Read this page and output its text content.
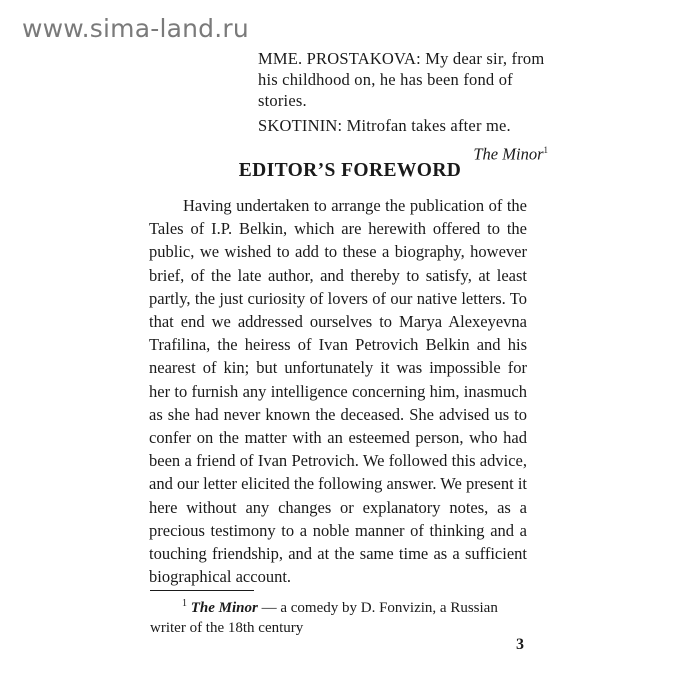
www.sima-land.ru

MME. PROSTAKOVA: My dear sir, from his childhood on, he has been fond of stories.

SKOTININ: Mitrofan takes after me.

The Minor$^1$

EDITOR’S FOREWORD

Having undertaken to arrange the publication of the Tales of I.P. Belkin, which are herewith offered to the public, we wished to add to these a biography, however brief, of the late author, and thereby to satisfy, at least partly, the just curiosity of lovers of our native letters. To that end we addressed ourselves to Marya Alexeyevna Trafilina, the heiress of Ivan Petrovich Belkin and his nearest of kin; but unfortunately it was impossible for her to furnish any intelligence concerning him, inasmuch as she had never known the deceased. She advised us to confer on the matter with an esteemed person, who had been a friend of Ivan Petrovich. We followed this advice, and our letter elicited the following answer. We present it here without any changes or explanatory notes, as a precious testimony to a noble manner of thinking and a touching friendship, and at the same time as a sufficient biographical account.

$^1$ The Minor — a comedy by D. Fonvizin, a Russian writer of the 18th century

3
